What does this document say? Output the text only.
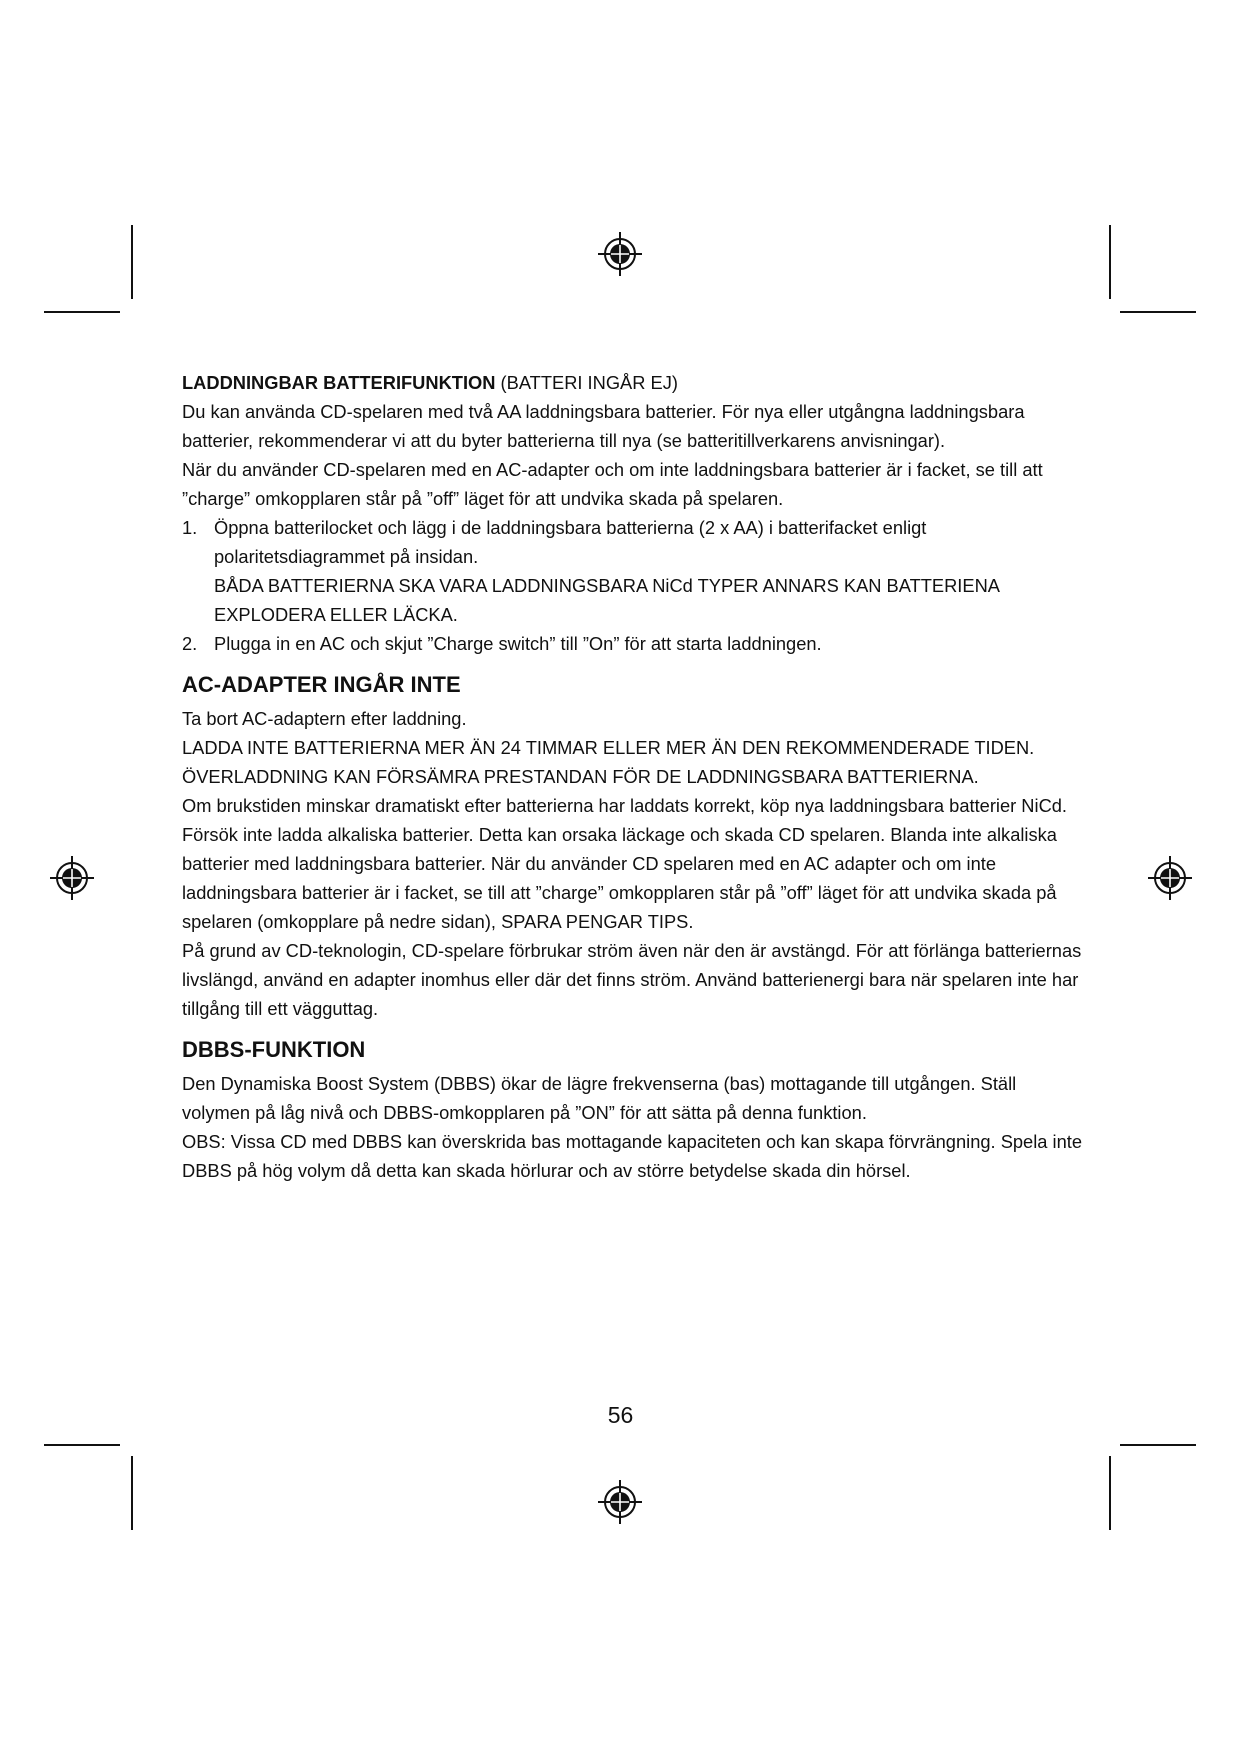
LADDNINGBAR BATTERIFUNKTION (BATTERI INGÅR EJ)

Du kan använda CD-spelaren med två AA laddningsbara batterier. För nya eller utgångna laddningsbara batterier, rekommenderar vi att du byter batterierna till nya (se batteritillverkarens anvisningar).

När du använder CD-spelaren med en AC-adapter och om inte laddningsbara batterier är i facket, se till att ”charge” omkopplaren står på ”off” läget för att undvika skada på spelaren.

1. Öppna batterilocket och lägg i de laddningsbara batterierna (2 x AA) i batterifacket enligt polaritetsdiagrammet på insidan.

BÅDA BATTERIERNA SKA VARA LADDNINGSBARA NiCd TYPER ANNARS KAN BATTERIENA EXPLODERA ELLER LÄCKA.

2. Plugga in en AC och skjut ”Charge switch” till ”On” för att starta laddningen.

AC-ADAPTER INGÅR INTE

Ta bort AC-adaptern efter laddning.

LADDA INTE BATTERIERNA MER ÄN 24 TIMMAR ELLER MER ÄN DEN REKOMMENDERADE TIDEN. ÖVERLADDNING KAN FÖRSÄMRA PRESTANDAN FÖR DE LADDNINGSBARA BATTERIERNA.

Om brukstiden minskar dramatiskt efter batterierna har laddats korrekt, köp nya laddningsbara batterier NiCd.

Försök inte ladda alkaliska batterier. Detta kan orsaka läckage och skada CD spelaren. Blanda inte alkaliska batterier med laddningsbara batterier. När du använder CD spelaren med en AC adapter och om inte laddningsbara batterier är i facket, se till att ”charge” omkopplaren står på ”off” läget för att undvika skada på spelaren (omkopplare på nedre sidan), SPARA PENGAR TIPS.

På grund av CD-teknologin, CD-spelare förbrukar ström även när den är avstängd. För att förlänga batteriernas livslängd, använd en adapter inomhus eller där det finns ström. Använd batterienergi bara när spelaren inte har tillgång till ett vägguttag.

DBBS-FUNKTION

Den Dynamiska Boost System (DBBS) ökar de lägre frekvenserna (bas) mottagande till utgången. Ställ volymen på låg nivå och DBBS-omkopplaren på ”ON” för att sätta på denna funktion.

OBS: Vissa CD med DBBS kan överskrida bas mottagande kapaciteten och kan skapa förvrängning. Spela inte DBBS på hög volym då detta kan skada hörlurar och av större betydelse skada din hörsel.

56
